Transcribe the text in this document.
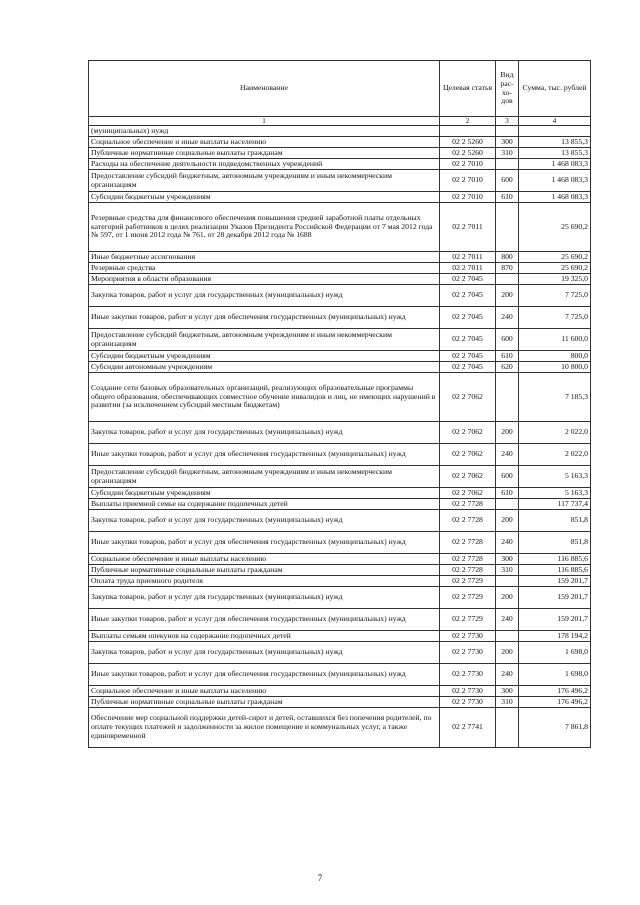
Наименование	Целевая статья	Вид рас-хо-дов	Сумма, тыс. рублей
1	2	3	4
(муниципальных) нужд			
Социальное обеспечение и иные выплаты населению	02 2 5260	300	13 855,3
Публичные нормативные социальные выплаты гражданам	02 2 5260	310	13 855,3
Расходы на обеспечение деятельности подведомственных учреждений	02 2 7010		1 468 083,3
Предоставление субсидий бюджетным, автономным учреждениям и иным некоммерческим организациям	02 2 7010	600	1 468 083,3
Субсидии бюджетным учреждениям	02 2 7010	610	1 468 083,3
Резервные средства для финансового обеспечения повышения средней заработной платы отдельных категорий работников в целях реализации Указов Президента Российской Федерации от 7 мая 2012 года № 597, от 1 июня 2012 года № 761, от 28 декабря 2012 года № 1688	02 2 7011		25 690,2
Иные бюджетные ассигнования	02 2 7011	800	25 690,2
Резервные средства	02 2 7011	870	25 690,2
Мероприятия в области образования	02 2 7045		19 325,0
Закупка товаров, работ и услуг для государственных (муниципальных) нужд	02 2 7045	200	7 725,0
Иные закупки товаров, работ и услуг для обеспечения государственных (муниципальных) нужд	02 2 7045	240	7 725,0
Предоставление субсидий бюджетным, автономным учреждениям и иным некоммерческим организациям	02 2 7045	600	11 600,0
Субсидии бюджетным учреждениям	02 2 7045	610	800,0
Субсидии автономным учреждениям	02 2 7045	620	10 800,0
Создание сети базовых образовательных организаций, реализующих образовательные программы общего образования, обеспечивающих совместное обучение инвалидов и лиц, не имеющих нарушений в развитии (за исключением субсидий местным бюджетам)	02 2 7062		7 185,3
Закупка товаров, работ и услуг для государственных (муниципальных) нужд	02 2 7062	200	2 022,0
Иные закупки товаров, работ и услуг для обеспечения государственных (муниципальных) нужд	02 2 7062	240	2 022,0
Предоставление субсидий бюджетным, автономным учреждениям и иным некоммерческим организациям	02 2 7062	600	5 163,3
Субсидии бюджетным учреждениям	02 2 7062	610	5 163,3
Выплаты приемной семье на содержание подопечных детей	02 2 7728		117 737,4
Закупка товаров, работ и услуг для государственных (муниципальных) нужд	02 2 7728	200	851,8
Иные закупки товаров, работ и услуг для обеспечения государственных (муниципальных) нужд	02 2 7728	240	851,8
Социальное обеспечение и иные выплаты населению	02 2 7728	300	116 885,6
Публичные нормативные социальные выплаты гражданам	02 2 7728	310	116 885,6
Оплата труда приемного родителя	02 2 7729		159 201,7
Закупка товаров, работ и услуг для государственных (муниципальных) нужд	02 2 7729	200	159 201,7
Иные закупки товаров, работ и услуг для обеспечения государственных (муниципальных) нужд	02 2 7729	240	159 201,7
Выплаты семьям опекунов на содержание подопечных детей	02 2 7730		178 194,2
Закупка товаров, работ и услуг для государственных (муниципальных) нужд	02 2 7730	200	1 698,0
Иные закупки товаров, работ и услуг для обеспечения государственных (муниципальных) нужд	02 2 7730	240	1 698,0
Социальное обеспечение и иные выплаты населению	02 2 7730	300	176 496,2
Публичные нормативные социальные выплаты гражданам	02 2 7730	310	176 496,2
Обеспечение мер социальной поддержки детей-сирот и детей, оставшихся без попечения родителей, по оплате текущих платежей и задолженности за жилое помещение и коммунальных услуг, а также единовременной	02 2 7741		7 861,8
7
